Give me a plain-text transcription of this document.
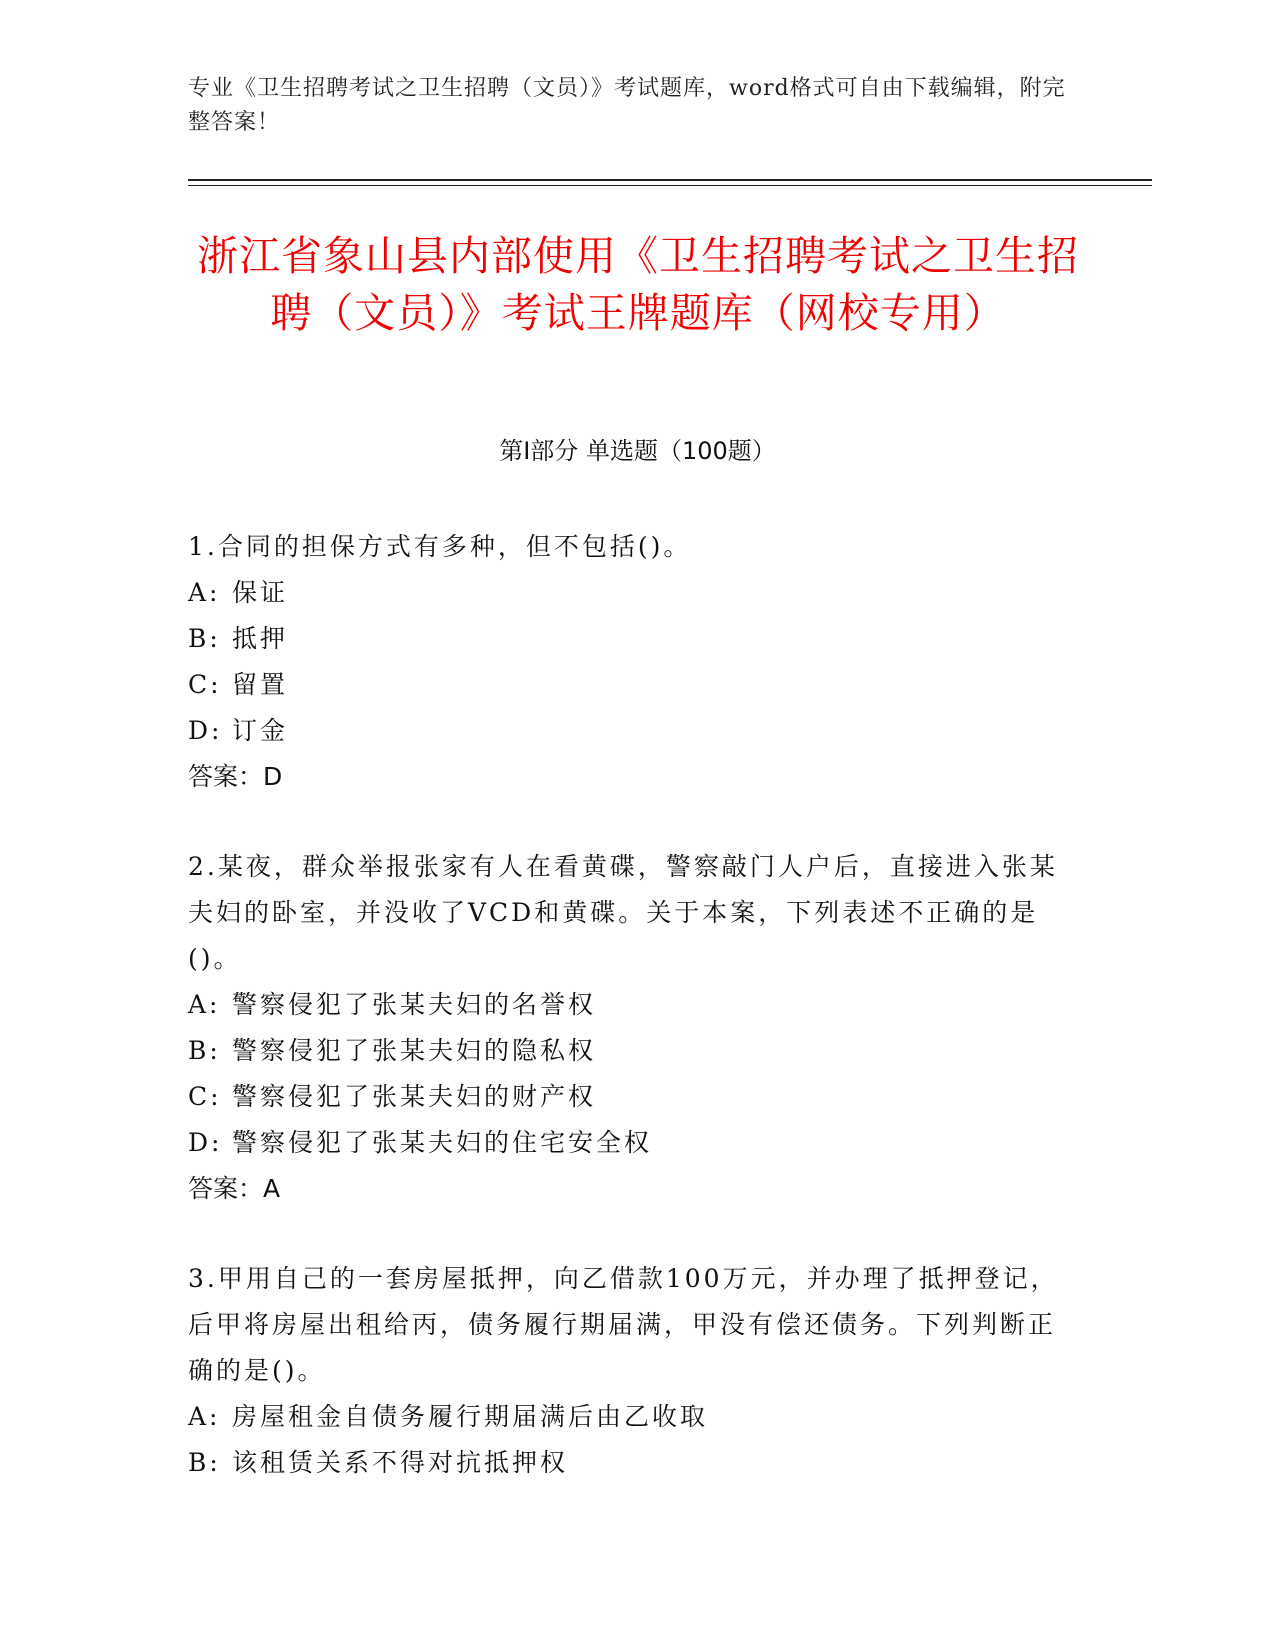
专业《卫生招聘考试之卫生招聘（文员）》考试题库，word格式可自由下载编辑，附完整答案！
浙江省象山县内部使用《卫生招聘考试之卫生招聘（文员）》考试王牌题库（网校专用）
第Ⅰ部分 单选题（100题）
1.合同的担保方式有多种，但不包括()。
A: 保证
B: 抵押
C: 留置
D: 订金
答案：D
2.某夜，群众举报张家有人在看黄碟，警察敲门人户后，直接进入张某夫妇的卧室，并没收了VCD和黄碟。关于本案，下列表述不正确的是()。
A: 警察侵犯了张某夫妇的名誉权
B: 警察侵犯了张某夫妇的隐私权
C: 警察侵犯了张某夫妇的财产权
D: 警察侵犯了张某夫妇的住宅安全权
答案：A
3.甲用自己的一套房屋抵押，向乙借款100万元，并办理了抵押登记，后甲将房屋出租给丙，债务履行期届满，甲没有偿还债务。下列判断正确的是()。
A: 房屋租金自债务履行期届满后由乙收取
B: 该租赁关系不得对抗抵押权
